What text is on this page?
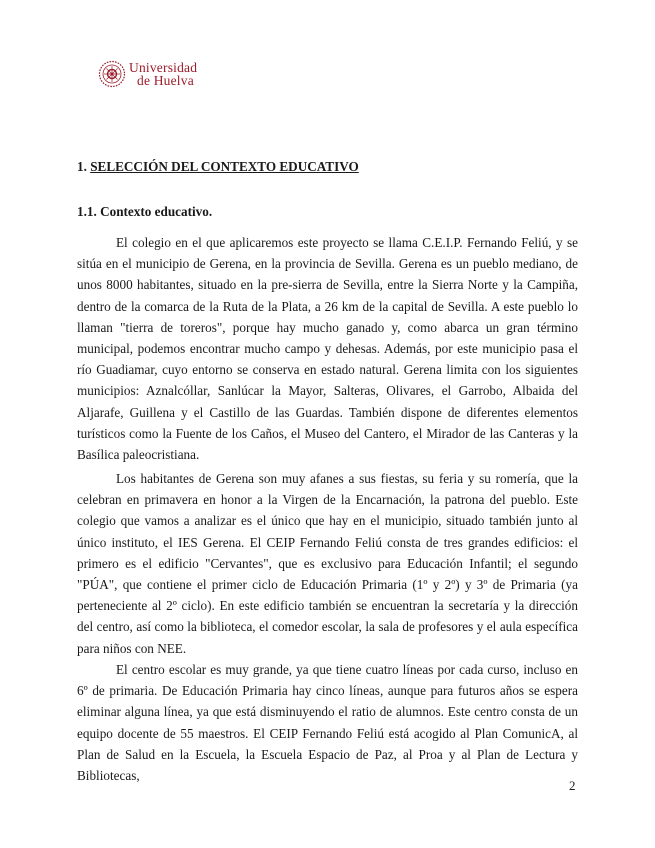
Universidad
de Huelva
1. SELECCIÓN DEL CONTEXTO EDUCATIVO
1.1. Contexto educativo.

El colegio en el que aplicaremos este proyecto se llama C.E.I.P. Fernando Feliú, y se sitúa en el municipio de Gerena, en la provincia de Sevilla. Gerena es un pueblo mediano, de unos 8000 habitantes, situado en la pre-sierra de Sevilla, entre la Sierra Norte y la Campiña, dentro de la comarca de la Ruta de la Plata, a 26 km de la capital de Sevilla. A este pueblo lo llaman "tierra de toreros", porque hay mucho ganado y, como abarca un gran término municipal, podemos encontrar mucho campo y dehesas. Además, por este municipio pasa el río Guadiamar, cuyo entorno se conserva en estado natural. Gerena limita con los siguientes municipios: Aznalcóllar, Sanlúcar la Mayor, Salteras, Olivares, el Garrobo, Albaida del Aljarafe, Guillena y el Castillo de las Guardas. También dispone de diferentes elementos turísticos como la Fuente de los Caños, el Museo del Cantero, el Mirador de las Canteras y la Basílica paleocristiana.

Los habitantes de Gerena son muy afanes a sus fiestas, su feria y su romería, que la celebran en primavera en honor a la Virgen de la Encarnación, la patrona del pueblo. Este colegio que vamos a analizar es el único que hay en el municipio, situado también junto al único instituto, el IES Gerena. El CEIP Fernando Feliú consta de tres grandes edificios: el primero es el edificio "Cervantes", que es exclusivo para Educación Infantil; el segundo "PÚA", que contiene el primer ciclo de Educación Primaria (1º y 2º) y 3º de Primaria (ya perteneciente al 2º ciclo). En este edificio también se encuentran la secretaría y la dirección del centro, así como la biblioteca, el comedor escolar, la sala de profesores y el aula específica para niños con NEE.

El centro escolar es muy grande, ya que tiene cuatro líneas por cada curso, incluso en 6º de primaria. De Educación Primaria hay cinco líneas, aunque para futuros años se espera eliminar alguna línea, ya que está disminuyendo el ratio de alumnos. Este centro consta de un equipo docente de 55 maestros. El CEIP Fernando Feliú está acogido al Plan ComunicA, al Plan de Salud en la Escuela, la Escuela Espacio de Paz, al Proa y al Plan de Lectura y Bibliotecas,

2
